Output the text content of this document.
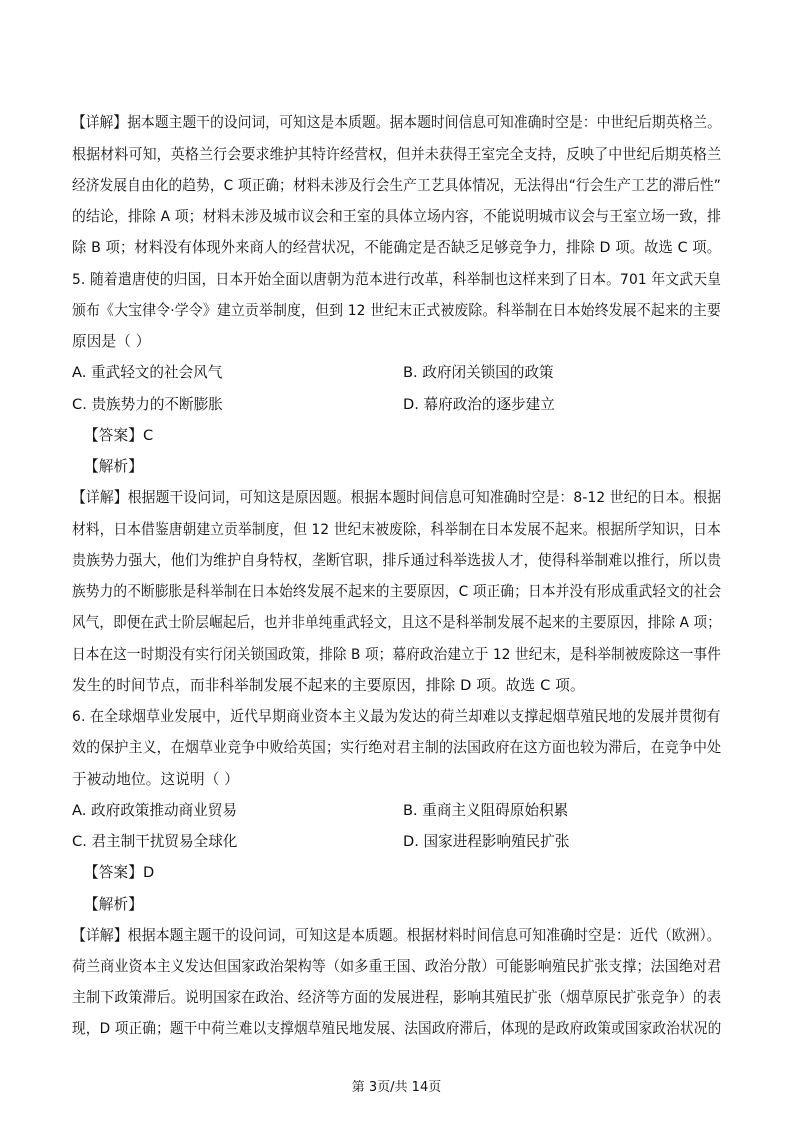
【详解】据本题主题干的设问词，可知这是本质题。据本题时间信息可知准确时空是：中世纪后期英格兰。
根据材料可知，英格兰行会要求维护其特许经营权，但并未获得王室完全支持，反映了中世纪后期英格兰
经济发展自由化的趋势，C 项正确；材料未涉及行会生产工艺具体情况，无法得出“行会生产工艺的滞后性”
的结论，排除 A 项；材料未涉及城市议会和王室的具体立场内容，不能说明城市议会与王室立场一致，排
除 B 项；材料没有体现外来商人的经营状况，不能确定是否缺乏足够竞争力，排除 D 项。故选 C 项。
5. 随着遣唐使的归国，日本开始全面以唐朝为范本进行改革，科举制也这样来到了日本。701 年文武天皇
颁布《大宝律令·学令》建立贡举制度，但到 12 世纪末正式被废除。科举制在日本始终发展不起来的主要
原因是（ ）
A. 重武轻文的社会风气	B. 政府闭关锁国的政策
C. 贵族势力的不断膨胀	D. 幕府政治的逐步建立
【答案】C
【解析】
【详解】根据题干设问词，可知这是原因题。根据本题时间信息可知准确时空是：8-12 世纪的日本。根据
材料，日本借鉴唐朝建立贡举制度，但 12 世纪末被废除，科举制在日本发展不起来。根据所学知识，日本
贵族势力强大，他们为维护自身特权，垄断官职，排斥通过科举选拔人才，使得科举制难以推行，所以贵
族势力的不断膨胀是科举制在日本始终发展不起来的主要原因，C 项正确；日本并没有形成重武轻文的社会
风气，即便在武士阶层崛起后，也并非单纯重武轻文，且这不是科举制发展不起来的主要原因，排除 A 项；
日本在这一时期没有实行闭关锁国政策，排除 B 项；幕府政治建立于 12 世纪末，是科举制被废除这一事件
发生的时间节点，而非科举制发展不起来的主要原因，排除 D 项。故选 C 项。
6. 在全球烟草业发展中，近代早期商业资本主义最为发达的荷兰却难以支撑起烟草殖民地的发展并贯彻有
效的保护主义，在烟草业竞争中败给英国；实行绝对君主制的法国政府在这方面也较为滞后，在竞争中处
于被动地位。这说明（ ）
A. 政府政策推动商业贸易	B. 重商主义阻碍原始积累
C. 君主制干扰贸易全球化	D. 国家进程影响殖民扩张
【答案】D
【解析】
【详解】根据本题主题干的设问词，可知这是本质题。根据材料时间信息可知准确时空是：近代（欧洲）。
荷兰商业资本主义发达但国家政治架构等（如多重王国、政治分散）可能影响殖民扩张支撑；法国绝对君
主制下政策滞后。说明国家在政治、经济等方面的发展进程，影响其殖民扩张（烟草原民扩张竞争）的表
现，D 项正确；题干中荷兰难以支撑烟草殖民地发展、法国政府滞后，体现的是政府政策或国家政治状况的
第 3页/共 14页
